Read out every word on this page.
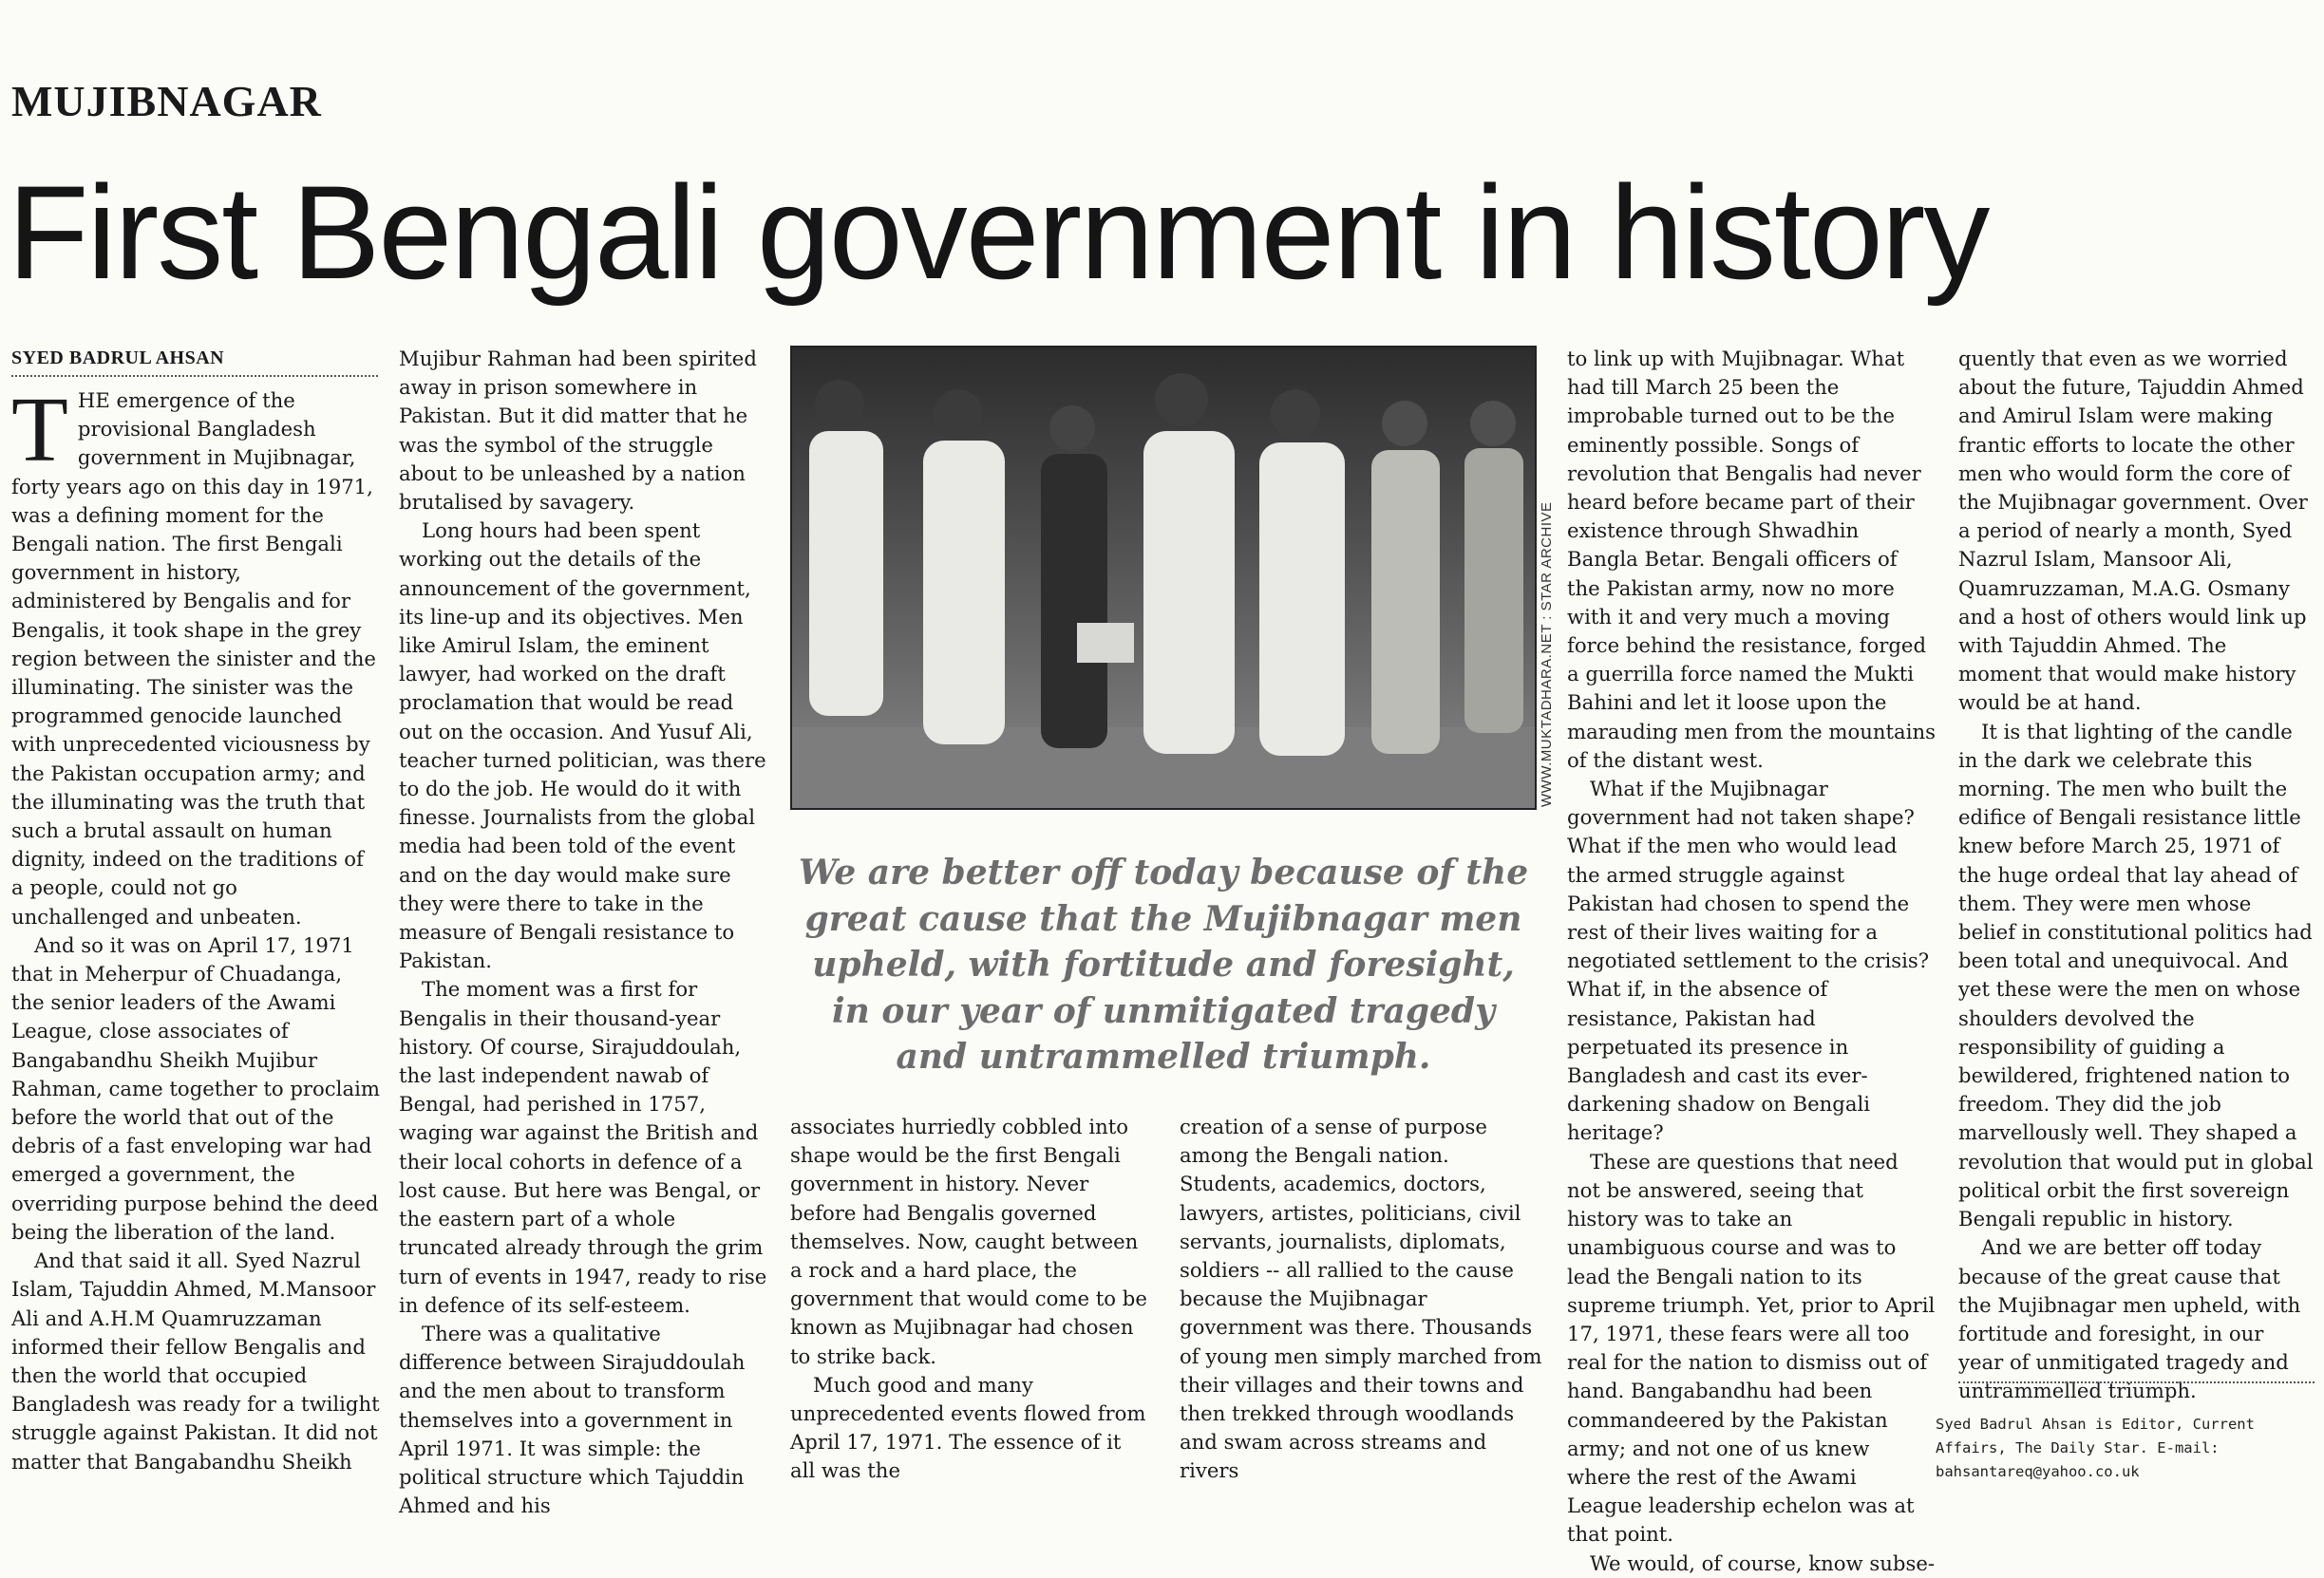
MUJIBNAGAR
First Bengali government in history
SYED BADRUL AHSAN

THE emergence of the provisional Bangladesh government in Mujibnagar, forty years ago on this day in 1971, was a defining moment for the Bengali nation. The first Bengali government in history, administered by Bengalis and for Bengalis, it took shape in the grey region between the sinister and the illuminating. The sinister was the programmed genocide launched with unprecedented viciousness by the Pakistan occupation army; and the illuminating was the truth that such a brutal assault on human dignity, indeed on the traditions of a people, could not go unchallenged and unbeaten.

And so it was on April 17, 1971 that in Meherpur of Chuadanga, the senior leaders of the Awami League, close associates of Bangabandhu Sheikh Mujibur Rahman, came together to proclaim before the world that out of the debris of a fast enveloping war had emerged a government, the overriding purpose behind the deed being the liberation of the land.

And that said it all. Syed Nazrul Islam, Tajuddin Ahmed, M.Mansoor Ali and A.H.M Quamruzzaman informed their fellow Bengalis and then the world that occupied Bangladesh was ready for a twilight struggle against Pakistan. It did not matter that Bangabandhu Sheikh

Mujibur Rahman had been spirited away in prison somewhere in Pakistan. But it did matter that he was the symbol of the struggle about to be unleashed by a nation brutalised by savagery.

Long hours had been spent working out the details of the announcement of the government, its line-up and its objectives. Men like Amirul Islam, the eminent lawyer, had worked on the draft proclamation that would be read out on the occasion. And Yusuf Ali, teacher turned politician, was there to do the job. He would do it with finesse. Journalists from the global media had been told of the event and on the day would make sure they were there to take in the measure of Bengali resistance to Pakistan.

The moment was a first for Bengalis in their thousand-year history. Of course, Sirajuddoulah, the last independent nawab of Bengal, had perished in 1757, waging war against the British and their local cohorts in defence of a lost cause. But here was Bengal, or the eastern part of a whole truncated already through the grim turn of events in 1947, ready to rise in defence of its self-esteem.

There was a qualitative difference between Sirajuddoulah and the men about to transform themselves into a government in April 1971. It was simple: the political structure which Tajuddin Ahmed and his

WWW.MUKTADHARA.NET : STAR ARCHIVE
We are better off today because of the great cause that the Mujibnagar men upheld, with fortitude and foresight, in our year of unmitigated tragedy and untrammelled triumph.

associates hurriedly cobbled into shape would be the first Bengali government in history. Never before had Bengalis governed themselves. Now, caught between a rock and a hard place, the government that would come to be known as Mujibnagar had chosen to strike back.

Much good and many unprecedented events flowed from April 17, 1971. The essence of it all was the

creation of a sense of purpose among the Bengali nation. Students, academics, doctors, lawyers, artistes, politicians, civil servants, journalists, diplomats, soldiers -- all rallied to the cause because the Mujibnagar government was there. Thousands of young men simply marched from their villages and their towns and then trekked through woodlands and swam across streams and rivers

to link up with Mujibnagar. What had till March 25 been the improbable turned out to be the eminently possible. Songs of revolution that Bengalis had never heard before became part of their existence through Shwadhin Bangla Betar. Bengali officers of the Pakistan army, now no more with it and very much a moving force behind the resistance, forged a guerrilla force named the Mukti Bahini and let it loose upon the marauding men from the mountains of the distant west.

What if the Mujibnagar government had not taken shape? What if the men who would lead the armed struggle against Pakistan had chosen to spend the rest of their lives waiting for a negotiated settlement to the crisis? What if, in the absence of resistance, Pakistan had perpetuated its presence in Bangladesh and cast its ever-darkening shadow on Bengali heritage?

These are questions that need not be answered, seeing that history was to take an unambiguous course and was to lead the Bengali nation to its supreme triumph. Yet, prior to April 17, 1971, these fears were all too real for the nation to dismiss out of hand. Bangabandhu had been commandeered by the Pakistan army; and not one of us knew where the rest of the Awami League leadership echelon was at that point.

We would, of course, know subse-

quently that even as we worried about the future, Tajuddin Ahmed and Amirul Islam were making frantic efforts to locate the other men who would form the core of the Mujibnagar government. Over a period of nearly a month, Syed Nazrul Islam, Mansoor Ali, Quamruzzaman, M.A.G. Osmany and a host of others would link up with Tajuddin Ahmed. The moment that would make history would be at hand.

It is that lighting of the candle in the dark we celebrate this morning. The men who built the edifice of Bengali resistance little knew before March 25, 1971 of the huge ordeal that lay ahead of them. They were men whose belief in constitutional politics had been total and unequivocal. And yet these were the men on whose shoulders devolved the responsibility of guiding a bewildered, frightened nation to freedom. They did the job marvellously well. They shaped a revolution that would put in global political orbit the first sovereign Bengali republic in history.

And we are better off today because of the great cause that the Mujibnagar men upheld, with fortitude and foresight, in our year of unmitigated tragedy and untrammelled triumph.

Syed Badrul Ahsan is Editor, Current Affairs, The Daily Star. E-mail: bahsantareq@yahoo.co.uk
